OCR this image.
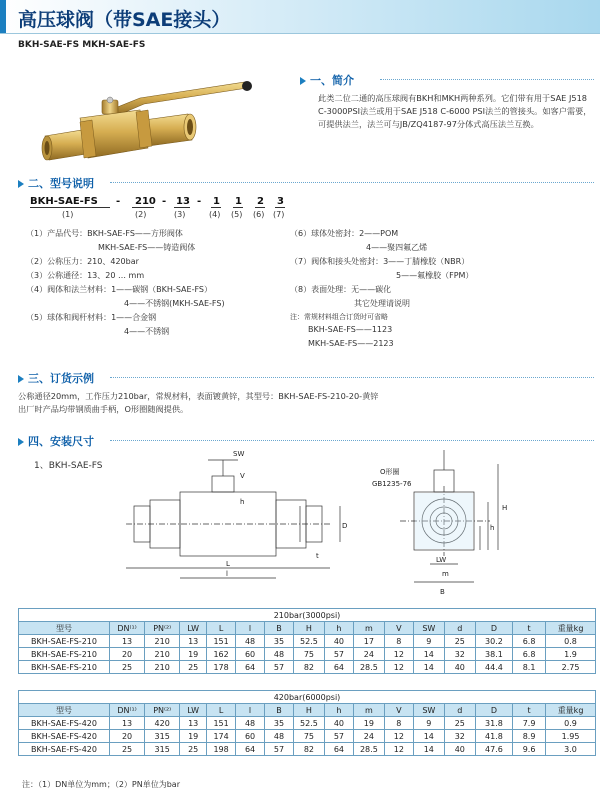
高压球阀（带SAE接头）
BKH-SAE-FS MKH-SAE-FS
一、简介
此类二位二通的高压球阀有BKH和MKH两种系列。它们带有用于SAE J518 C-3000PSI法兰或用于SAE J518 C-6000 PSI法兰的管接头。如客户需要，可提供法兰，法兰可与JB/ZQ4187-97分体式高压法兰互换。
二、型号说明
BKH-SAE-FS - 210 - 13 - 1 1 2 3
(1)	(2)	(3)	(4) (5) (6) (7)
（1）产品代号：BKH-SAE-FS——方形阀体
MKH-SAE-FS——铸造阀体
（2）公称压力：210、420bar
（3）公称通径：13、20 … mm
（4）阀体和法兰材料：1——碳钢（BKH-SAE-FS）
4——不锈钢(MKH-SAE-FS)
（5）球体和阀杆材料：1——合金钢
4——不锈钢
（6）球体处密封：2——POM
4——聚四氟乙烯
（7）阀体和接头处密封：3——丁腈橡胶（NBR）
5——氟橡胶（FPM）
（8）表面处理：无——碳化
其它处理请说明
注：常规材料组合订货时可省略
BKH-SAE-FS——1123
MKH-SAE-FS——2123
三、订货示例
公称通径20mm，工作压力210bar，常规材料，表面镀黄锌，其型号：BKH-SAE-FS-210-20-黄锌
出厂时产品均带钢质曲手柄，O形圈随阀提供。
四、安装尺寸
1、BKH-SAE-FS
SW
V
h
D
l
L
t
O形圈
GB1235-76
LW
m
H
B
h
210bar(3000psi)															
型号	DN⁽¹⁾	PN⁽²⁾	LW	L	l	B	H	h	m	V	SW	d	D	t	重量kg
BKH-SAE-FS-210	13	210	13	151	48	35	52.5	40	17	8	9	25	30.2	6.8	0.8
BKH-SAE-FS-210	20	210	19	162	60	48	75	57	24	12	14	32	38.1	6.8	1.9
BKH-SAE-FS-210	25	210	25	178	64	57	82	64	28.5	12	14	40	44.4	8.1	2.75
420bar(6000psi)															
型号	DN⁽¹⁾	PN⁽²⁾	LW	L	l	B	H	h	m	V	SW	d	D	t	重量kg
BKH-SAE-FS-420	13	420	13	151	48	35	52.5	40	19	8	9	25	31.8	7.9	0.9
BKH-SAE-FS-420	20	315	19	174	60	48	75	57	24	12	14	32	41.8	8.9	1.95
BKH-SAE-FS-420	25	315	25	198	64	57	82	64	28.5	12	14	40	47.6	9.6	3.0
注：（1）DN单位为mm；（2）PN单位为bar
